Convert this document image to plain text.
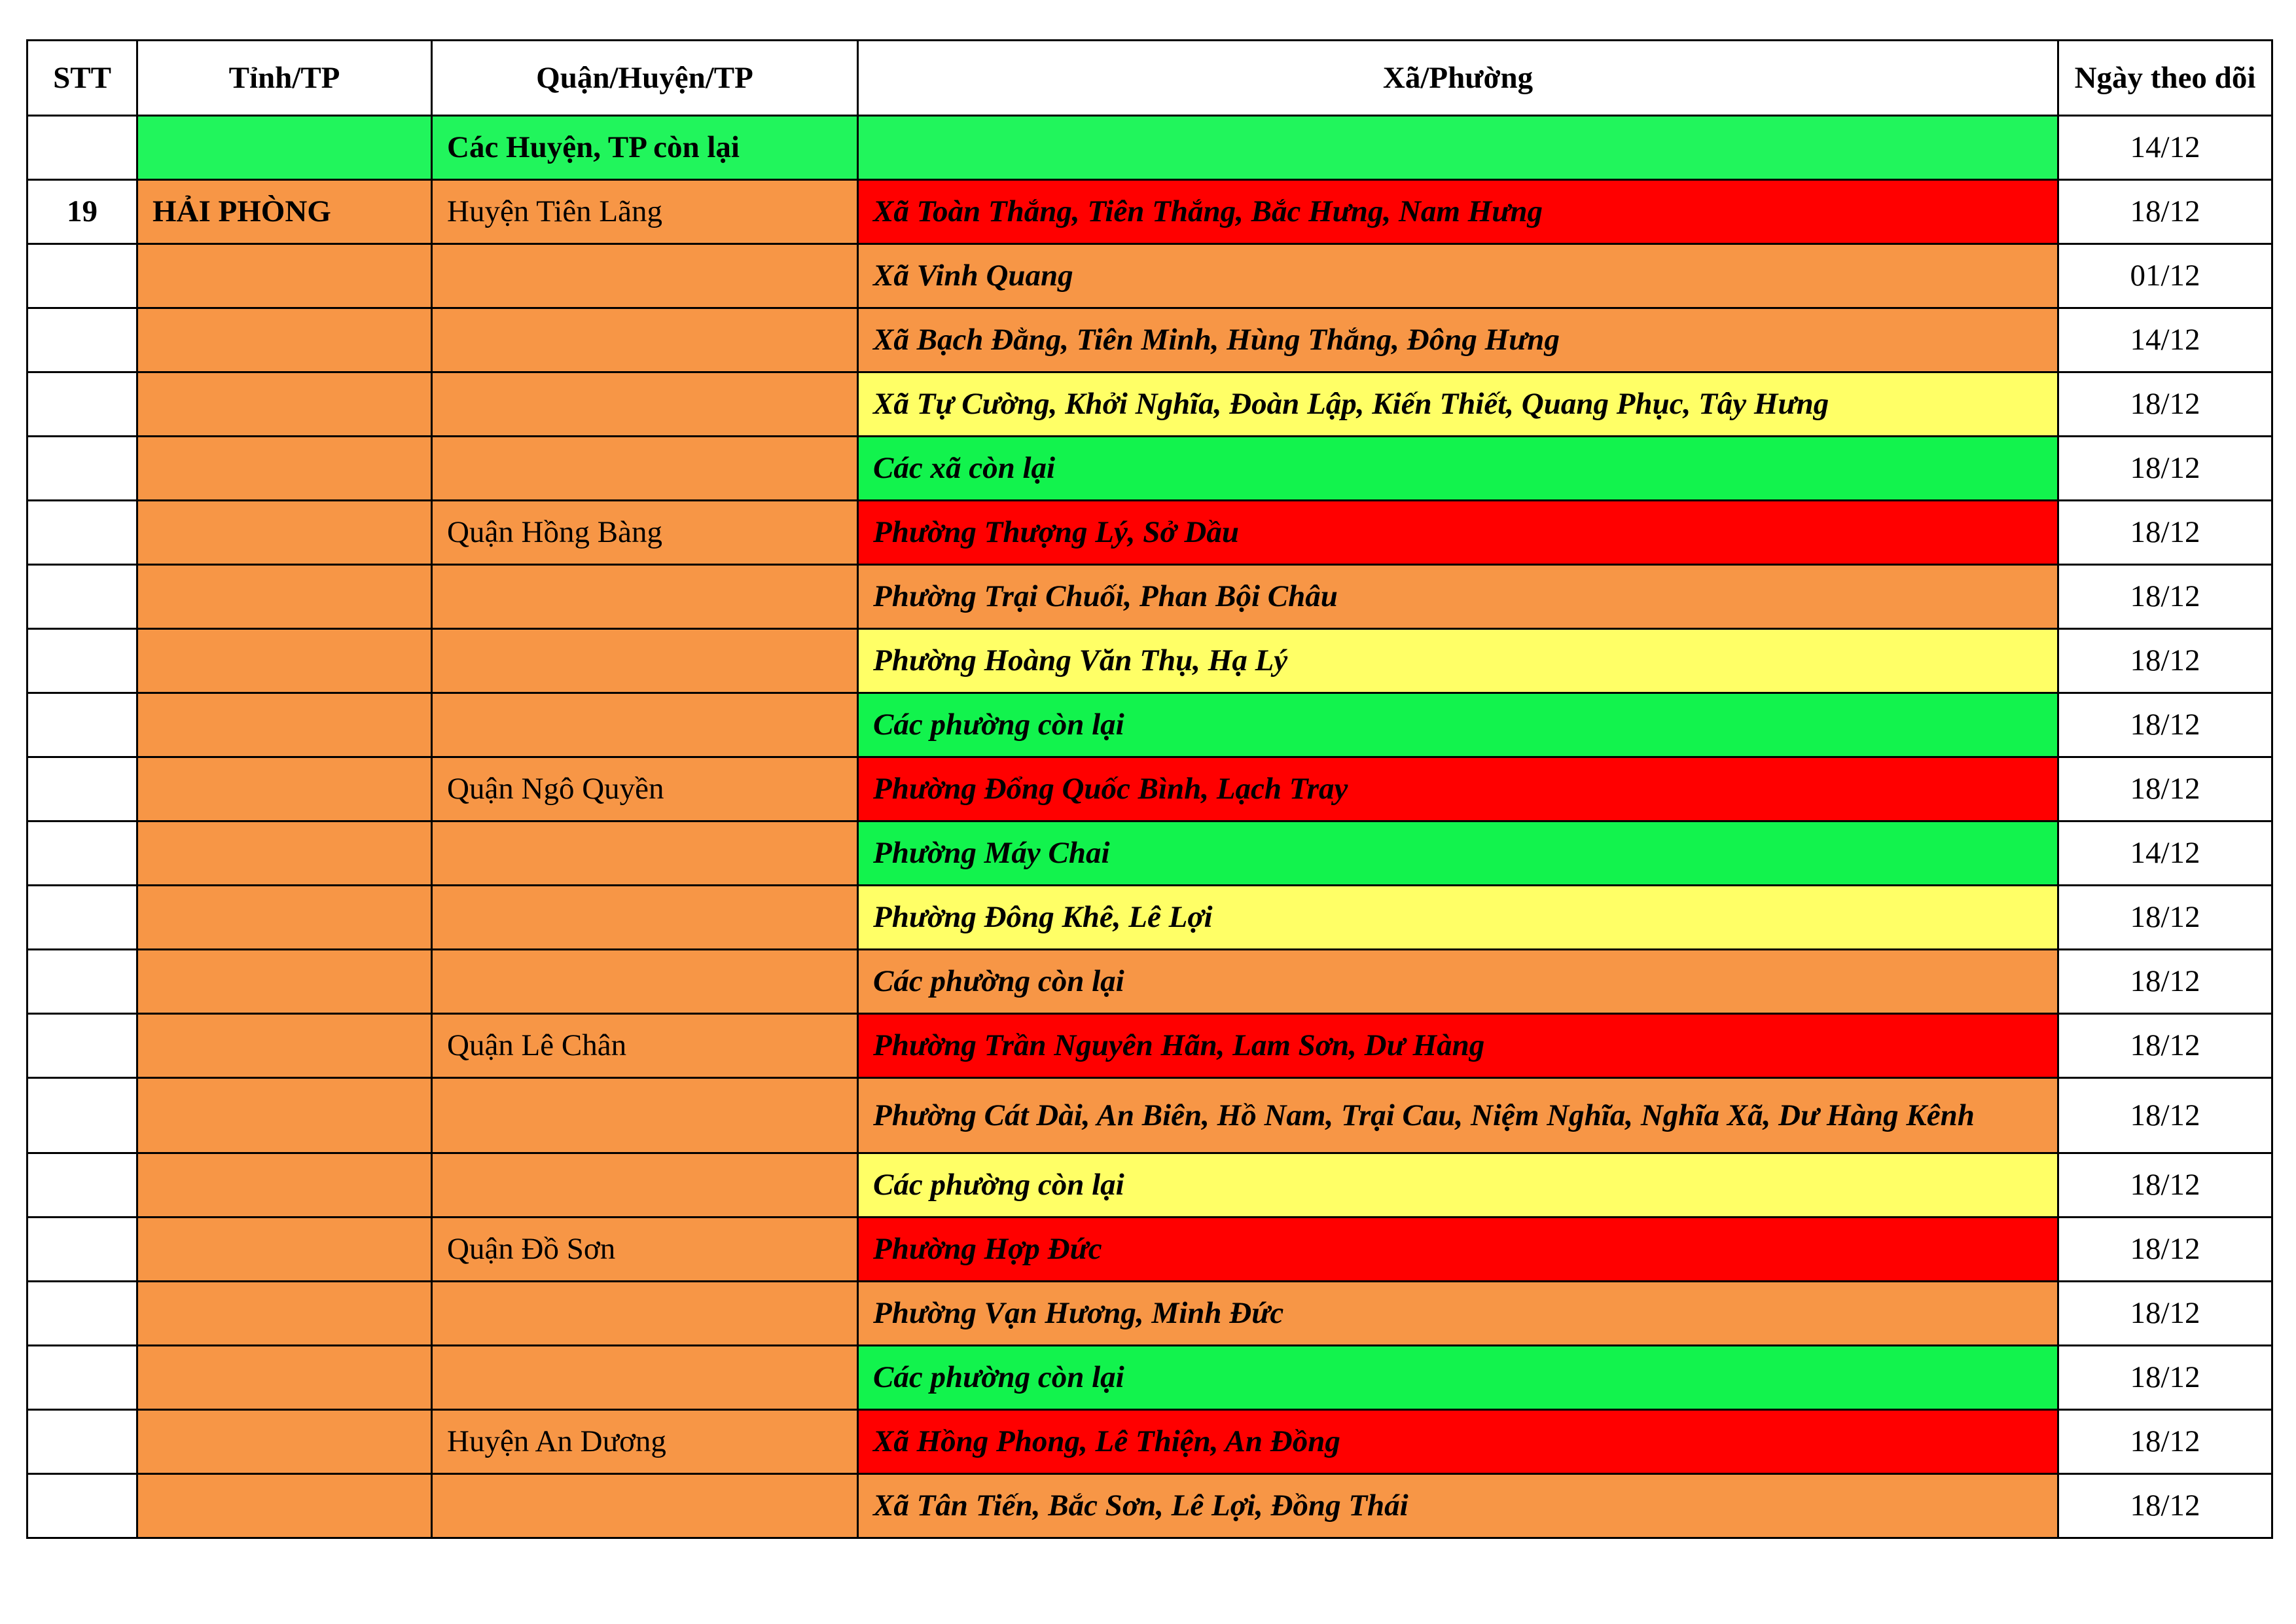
STT	Tỉnh/TP	Quận/Huyện/TP	Xã/Phường	Ngày theo dõi
		Các Huyện, TP còn lại		14/12
19	HẢI PHÒNG	Huyện Tiên Lãng	Xã Toàn Thắng, Tiên Thắng, Bắc Hưng, Nam Hưng	18/12
			Xã Vinh Quang	01/12
			Xã Bạch Đằng, Tiên Minh, Hùng Thắng, Đông Hưng	14/12
			Xã Tự Cường, Khởi Nghĩa, Đoàn Lập, Kiến Thiết, Quang Phục, Tây Hưng	18/12
			Các xã còn lại	18/12
		Quận Hồng Bàng	Phường Thượng Lý, Sở Dầu	18/12
			Phường Trại Chuối, Phan Bội Châu	18/12
			Phường Hoàng Văn Thụ, Hạ Lý	18/12
			Các phường còn lại	18/12
		Quận Ngô Quyền	Phường Đổng Quốc Bình, Lạch Tray	18/12
			Phường Máy Chai	14/12
			Phường Đông Khê, Lê Lợi	18/12
			Các phường còn lại	18/12
		Quận Lê Chân	Phường Trần Nguyên Hãn, Lam Sơn, Dư Hàng	18/12
			Phường Cát Dài, An Biên, Hồ Nam, Trại Cau, Niệm Nghĩa, Nghĩa Xã, Dư Hàng Kênh	18/12
			Các phường còn lại	18/12
		Quận Đồ Sơn	Phường Hợp Đức	18/12
			Phường Vạn Hương, Minh Đức	18/12
			Các phường còn lại	18/12
		Huyện An Dương	Xã Hồng Phong, Lê Thiện, An Đồng	18/12
			Xã Tân Tiến, Bắc Sơn, Lê Lợi, Đồng Thái	18/12
